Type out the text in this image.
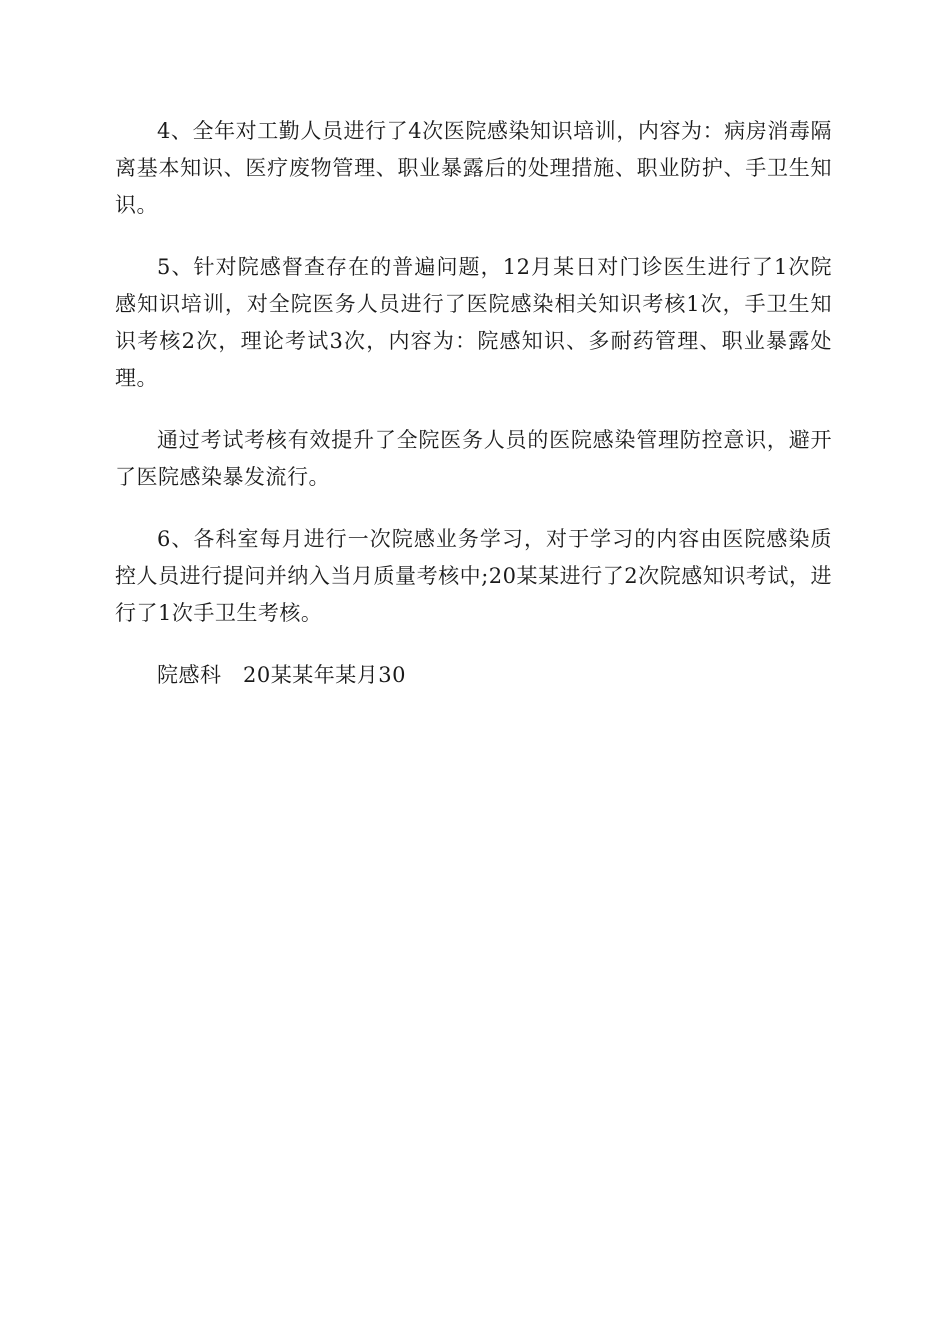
4、全年对工勤人员进行了4次医院感染知识培训，内容为：病房消毒隔离基本知识、医疗废物管理、职业暴露后的处理措施、职业防护、手卫生知识。

5、针对院感督查存在的普遍问题，12月某日对门诊医生进行了1次院感知识培训，对全院医务人员进行了医院感染相关知识考核1次，手卫生知识考核2次，理论考试3次，内容为：院感知识、多耐药管理、职业暴露处理。

通过考试考核有效提升了全院医务人员的医院感染管理防控意识，避开了医院感染暴发流行。

6、各科室每月进行一次院感业务学习，对于学习的内容由医院感染质控人员进行提问并纳入当月质量考核中;20某某进行了2次院感知识考试，进行了1次手卫生考核。

院感科 20某某年某月30
